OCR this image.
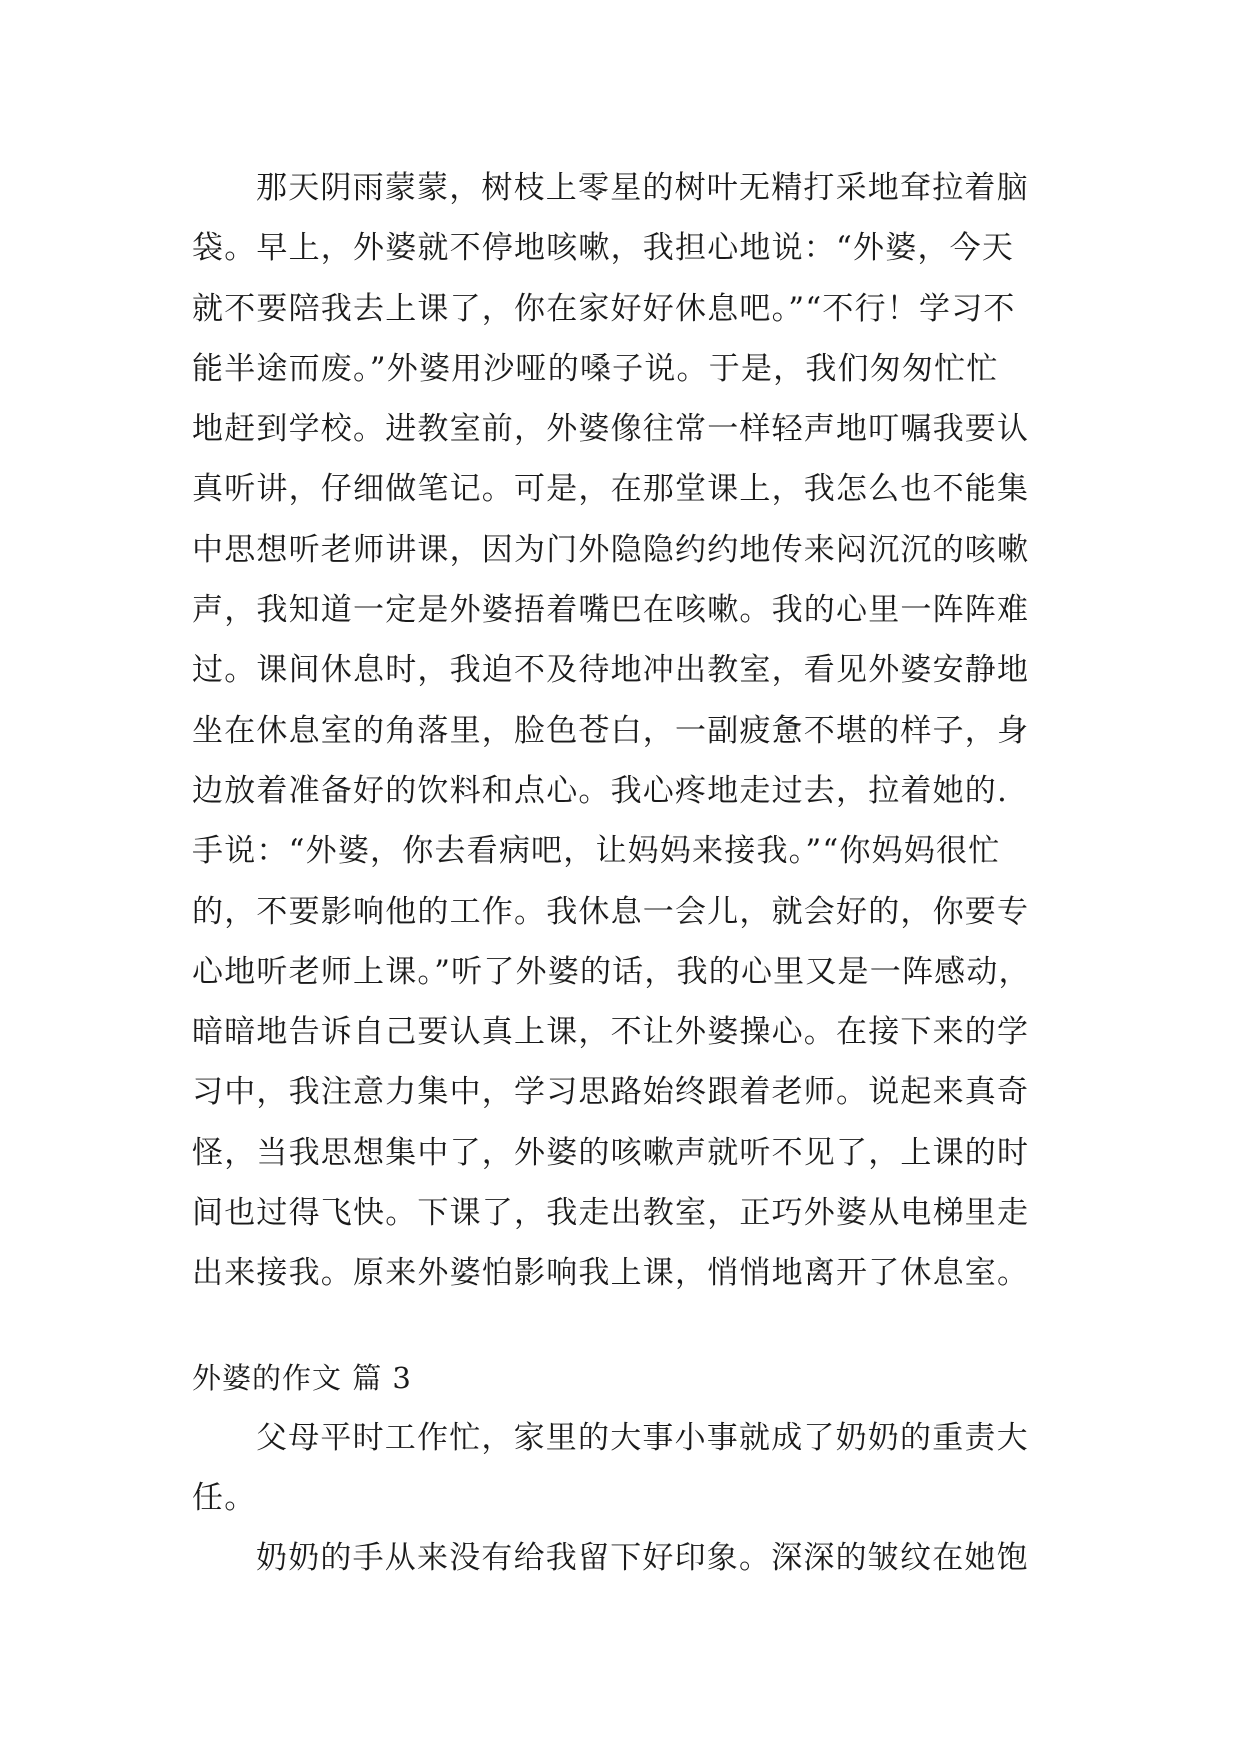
那天阴雨蒙蒙，树枝上零星的树叶无精打采地耷拉着脑
袋。早上，外婆就不停地咳嗽，我担心地说：“外婆，今天
就不要陪我去上课了，你在家好好休息吧。”“不行！学习不
能半途而废。”外婆用沙哑的嗓子说。于是，我们匆匆忙忙
地赶到学校。进教室前，外婆像往常一样轻声地叮嘱我要认
真听讲，仔细做笔记。可是，在那堂课上，我怎么也不能集
中思想听老师讲课，因为门外隐隐约约地传来闷沉沉的咳嗽
声，我知道一定是外婆捂着嘴巴在咳嗽。我的心里一阵阵难
过。课间休息时，我迫不及待地冲出教室，看见外婆安静地
坐在休息室的角落里，脸色苍白，一副疲惫不堪的样子，身
边放着准备好的饮料和点心。我心疼地走过去，拉着她的.
手说：“外婆，你去看病吧，让妈妈来接我。”“你妈妈很忙
的，不要影响他的工作。我休息一会儿，就会好的，你要专
心地听老师上课。”听了外婆的话，我的心里又是一阵感动，
暗暗地告诉自己要认真上课，不让外婆操心。在接下来的学
习中，我注意力集中，学习思路始终跟着老师。说起来真奇
怪，当我思想集中了，外婆的咳嗽声就听不见了，上课的时
间也过得飞快。下课了，我走出教室，正巧外婆从电梯里走
出来接我。原来外婆怕影响我上课，悄悄地离开了休息室。
外婆的作文 篇 3
父母平时工作忙，家里的大事小事就成了奶奶的重责大
任。
奶奶的手从来没有给我留下好印象。深深的皱纹在她饱
